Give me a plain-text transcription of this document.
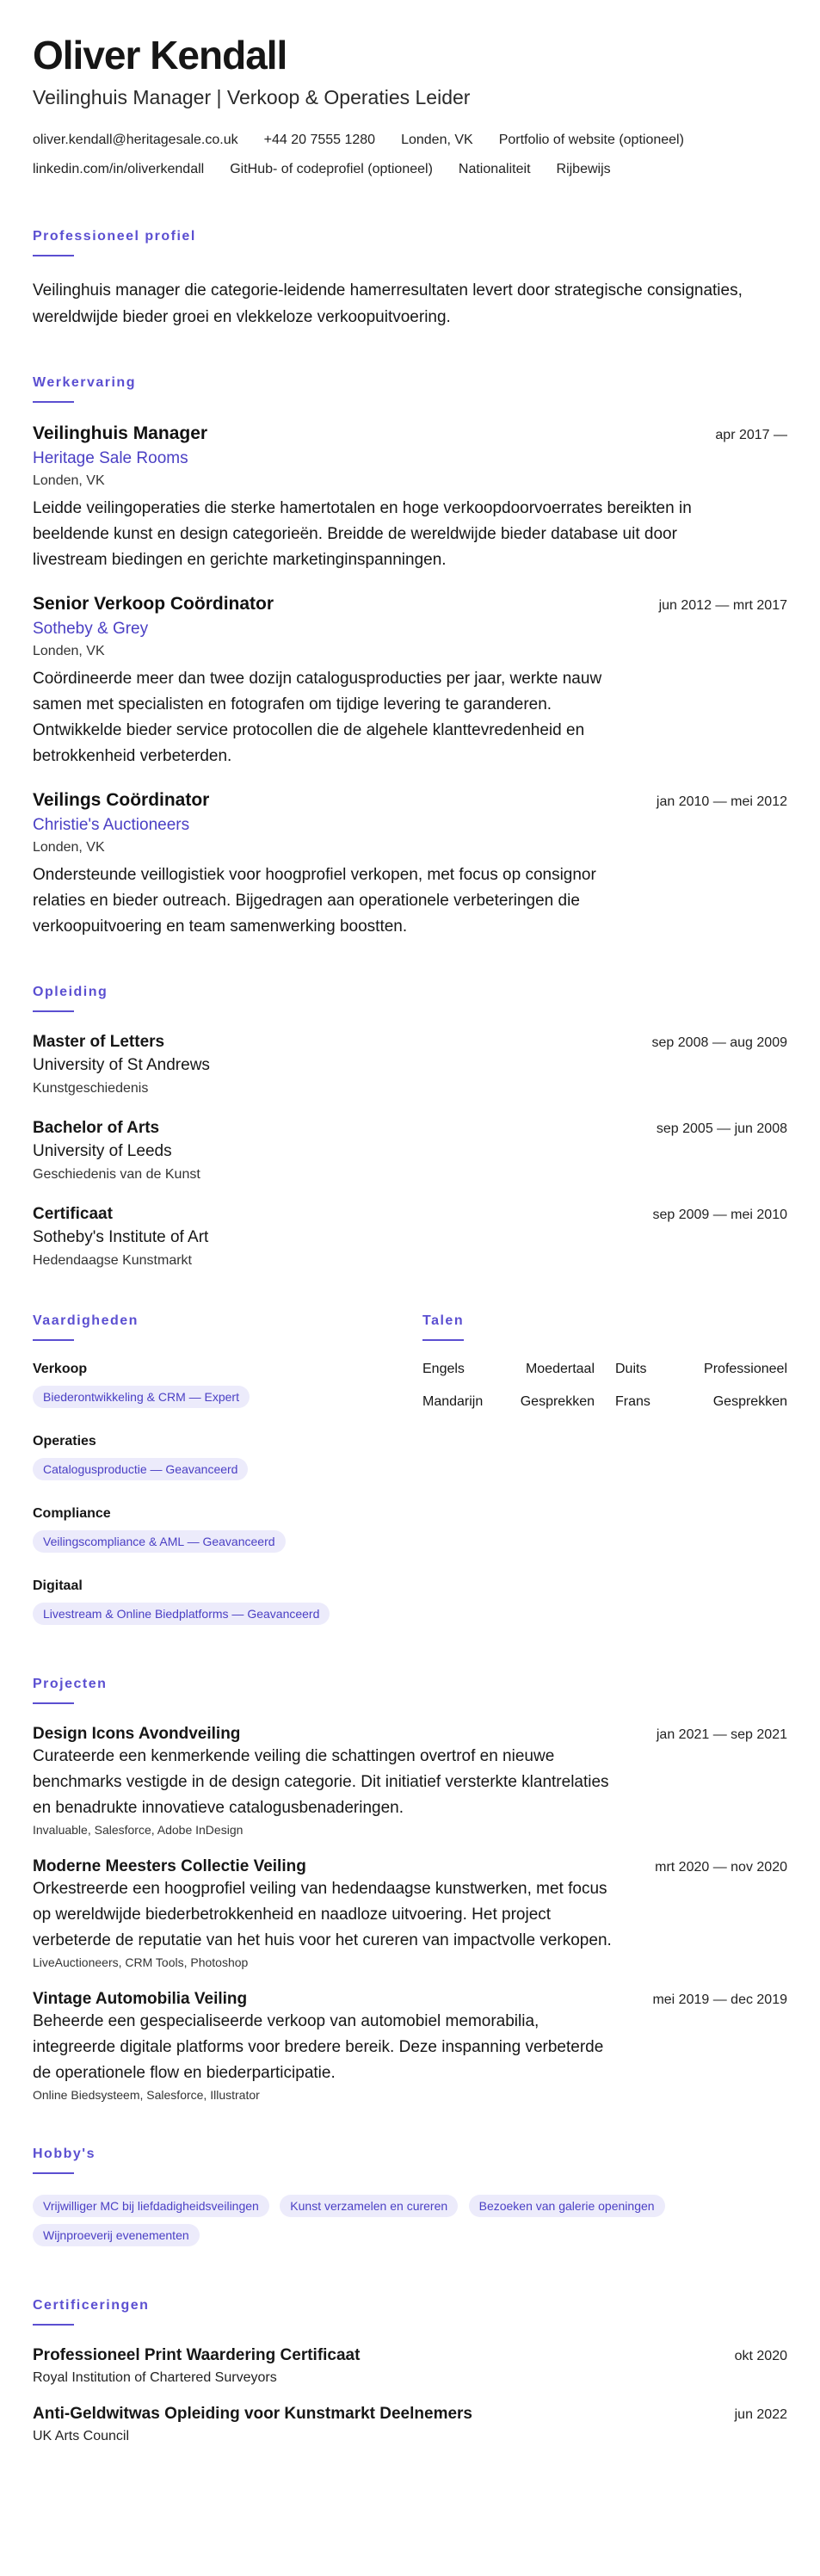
Oliver Kendall
Veilinghuis Manager | Verkoop & Operaties Leider
oliver.kendall@heritagesale.co.uk +44 20 7555 1280 Londen, VK Portfolio of website (optioneel)
linkedin.com/in/oliverkendall GitHub- of codeprofiel (optioneel) Nationaliteit Rijbewijs
Professioneel profiel
Veilinghuis manager die categorie-leidende hamerresultaten levert door strategische consignaties, wereldwijde bieder groei en vlekkeloze verkoopuitvoering.
Werkervaring
Veilinghuis Manager	apr 2017 —
Heritage Sale Rooms
Londen, VK
Leidde veilingoperaties die sterke hamertotalen en hoge verkoopdoorvoerrates bereikten in beeldende kunst en design categorieën. Breidde de wereldwijde bieder database uit door livestream biedingen en gerichte marketinginspanningen.
Senior Verkoop Coördinator	jun 2012 — mrt 2017
Sotheby & Grey
Londen, VK
Coördineerde meer dan twee dozijn catalogusproducties per jaar, werkte nauw samen met specialisten en fotografen om tijdige levering te garanderen. Ontwikkelde bieder service protocollen die de algehele klanttevredenheid en betrokkenheid verbeterden.
Veilings Coördinator	jan 2010 — mei 2012
Christie's Auctioneers
Londen, VK
Ondersteunde veillogistiek voor hoogprofiel verkopen, met focus op consignor relaties en bieder outreach. Bijgedragen aan operationele verbeteringen die verkoopuitvoering en team samenwerking boostten.
Opleiding
Master of Letters	sep 2008 — aug 2009
University of St Andrews
Kunstgeschiedenis
Bachelor of Arts	sep 2005 — jun 2008
University of Leeds
Geschiedenis van de Kunst
Certificaat	sep 2009 — mei 2010
Sotheby's Institute of Art
Hedendaagse Kunstmarkt
Vaardigheden
Verkoop
Biederontwikkeling & CRM — Expert
Operaties
Catalogusproductie — Geavanceerd
Compliance
Veilingscompliance & AML — Geavanceerd
Digitaal
Livestream & Online Biedplatforms — Geavanceerd
Talen
Engels	Moedertaal Duits	Professioneel
Mandarijn	Gesprekken Frans	Gesprekken
Projecten
Design Icons Avondveiling	jan 2021 — sep 2021
Curateerde een kenmerkende veiling die schattingen overtrof en nieuwe benchmarks vestigde in de design categorie. Dit initiatief versterkte klantrelaties en benadrukte innovatieve catalogusbenaderingen.
Invaluable, Salesforce, Adobe InDesign
Moderne Meesters Collectie Veiling	mrt 2020 — nov 2020
Orkestreerde een hoogprofiel veiling van hedendaagse kunstwerken, met focus op wereldwijde biederbetrokkenheid en naadloze uitvoering. Het project verbeterde de reputatie van het huis voor het cureren van impactvolle verkopen.
LiveAuctioneers, CRM Tools, Photoshop
Vintage Automobilia Veiling	mei 2019 — dec 2019
Beheerde een gespecialiseerde verkoop van automobiel memorabilia, integreerde digitale platforms voor bredere bereik. Deze inspanning verbeterde de operationele flow en biederparticipatie.
Online Biedsysteem, Salesforce, Illustrator
Hobby's
Vrijwilliger MC bij liefdadigheidsveilingen	Kunst verzamelen en cureren	Bezoeken van galerie openingen Wijnproeverij evenementen
Certificeringen
Professioneel Print Waardering Certificaat	okt 2020
Royal Institution of Chartered Surveyors
Anti-Geldwitwas Opleiding voor Kunstmarkt Deelnemers	jun 2022
UK Arts Council
